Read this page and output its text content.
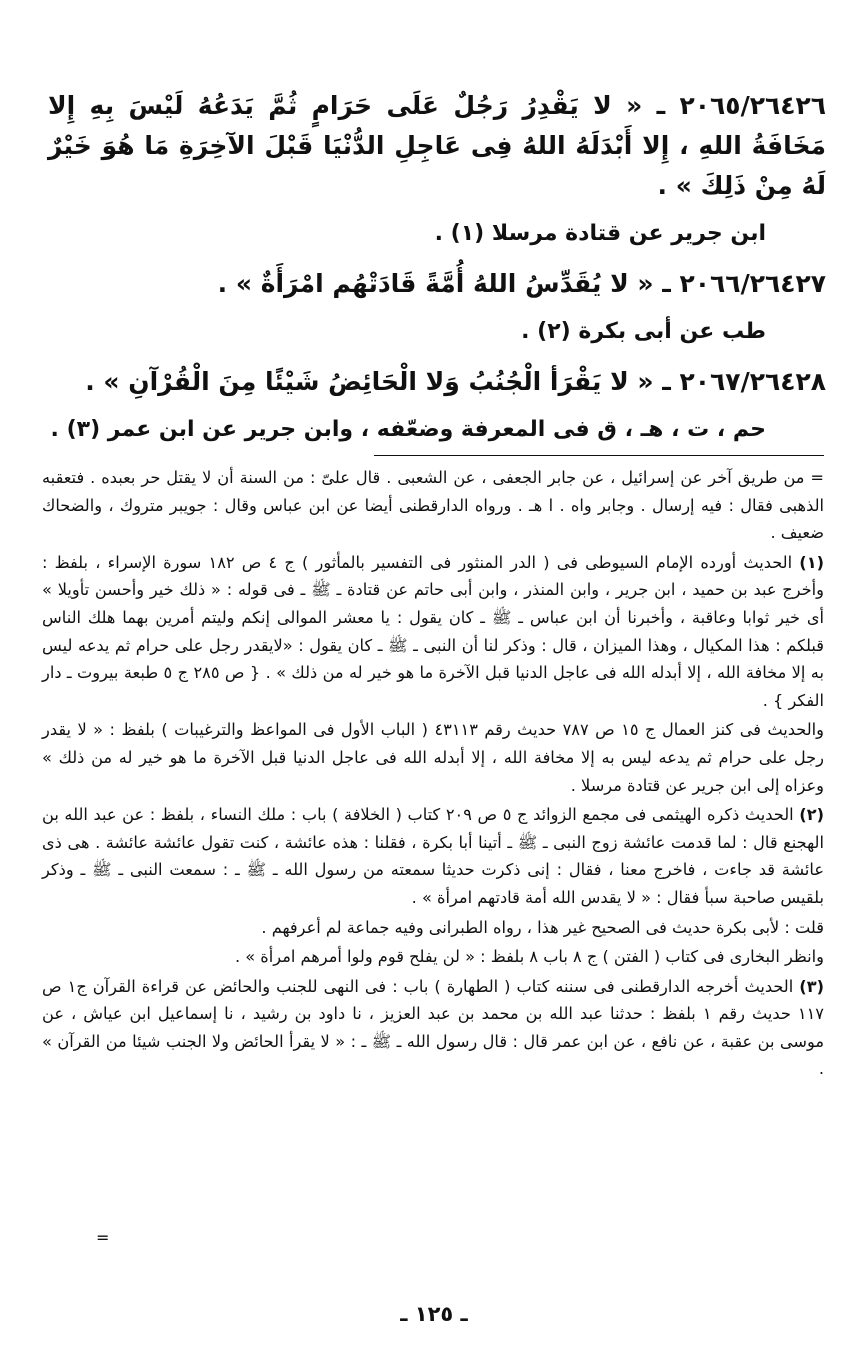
٢٠٦٥/٢٦٤٢٦ ـ « لا يَقْدِرُ رَجُلٌ عَلَى حَرَامٍ ثُمَّ يَدَعُهُ لَيْسَ بِهِ إِلا مَخَافَةُ اللهِ ، إِلا أَبْدَلَهُ اللهُ فِى عَاجِلِ الدُّنْيَا قَبْلَ الآخِرَةِ مَا هُوَ خَيْرٌ لَهُ مِنْ ذَلِكَ » .

ابن جرير عن قتادة مرسلا (١) .

٢٠٦٦/٢٦٤٢٧ ـ « لا يُقَدِّسُ اللهُ أُمَّةً قَادَتْهُم امْرَأَةٌ » .

طب عن أبى بكرة (٢) .

٢٠٦٧/٢٦٤٢٨ ـ « لا يَقْرَأ الْجُنُبُ وَلا الْحَائِضُ شَيْئًا مِنَ الْقُرْآنِ » .

حم ، ت ، هـ ، ق فى المعرفة وضعّفه ، وابن جرير عن ابن عمر (٣) .

= من طريق آخر عن إسرائيل ، عن جابر الجعفى ، عن الشعبى . قال علىّ : من السنة أن لا يقتل حر بعبده . فتعقبه الذهبى فقال : فيه إرسال . وجابر واه . ا هـ . ورواه الدارقطنى أيضا عن ابن عباس وقال : جويبر متروك ، والضحاك ضعيف .

(١) الحديث أورده الإمام السيوطى فى ( الدر المنثور فى التفسير بالمأثور ) ج ٤ ص ١٨٢ سورة الإسراء ، بلفظ : وأخرج عبد بن حميد ، ابن جرير ، وابن المنذر ، وابن أبى حاتم عن قتادة ـ ﷺ ـ فى قوله : « ذلك خير وأحسن تأويلا » أى خير ثوابا وعاقبة ، وأخبرنا أن ابن عباس ـ ﷺ ـ كان يقول : يا معشر الموالى إنكم وليتم أمرين بهما هلك الناس قبلكم : هذا المكيال ، وهذا الميزان ، قال : وذكر لنا أن النبى ـ ﷺ ـ كان يقول : «لايقدر رجل على حرام ثم يدعه ليس به إلا مخافة الله ، إلا أبدله الله فى عاجل الدنيا قبل الآخرة ما هو خير له من ذلك » . { ص ٢٨٥ ج ٥ طبعة بيروت ـ دار الفكر } .

والحديث فى كنز العمال ج ١٥ ص ٧٨٧ حديث رقم ٤٣١١٣ ( الباب الأول فى المواعظ والترغيبات ) بلفظ : « لا يقدر رجل على حرام ثم يدعه ليس به إلا مخافة الله ، إلا أبدله الله فى عاجل الدنيا قبل الآخرة ما هو خير له من ذلك » وعزاه إلى ابن جرير عن قتادة مرسلا .

(٢) الحديث ذكره الهيثمى فى مجمع الزوائد ج ٥ ص ٢٠٩ كتاب ( الخلافة ) باب : ملك النساء ، بلفظ : عن عبد الله بن الهجنع قال : لما قدمت عائشة زوج النبى ـ ﷺ ـ أتينا أبا بكرة ، فقلنا : هذه عائشة ، كنت تقول عائشة عائشة . هى ذى عائشة قد جاءت ، فاخرج معنا ، فقال : إنى ذكرت حديثا سمعته من رسول الله ـ ﷺ ـ : سمعت النبى ـ ﷺ ـ وذكر بلقيس صاحبة سبأ فقال : « لا يقدس الله أمة قادتهم امرأة » .

قلت : لأبى بكرة حديث فى الصحيح غير هذا ، رواه الطبرانى وفيه جماعة لم أعرفهم .

وانظر البخارى فى كتاب ( الفتن ) ج ٨ باب ٨ بلفظ : « لن يفلح قوم ولوا أمرهم امرأة » .

(٣) الحديث أخرجه الدارقطنى فى سننه كتاب ( الطهارة ) باب : فى النهى للجنب والحائض عن قراءة القرآن ج١ ص ١١٧ حديث رقم ١ بلفظ : حدثنا عبد الله بن محمد بن عبد العزيز ، نا داود بن رشيد ، نا إسماعيل ابن عياش ، عن موسى بن عقبة ، عن نافع ، عن ابن عمر قال : قال رسول الله ـ ﷺ ـ : « لا يقرأ الحائض ولا الجنب شيئا من القرآن » .

=
ـ ١٢٥ ـ
